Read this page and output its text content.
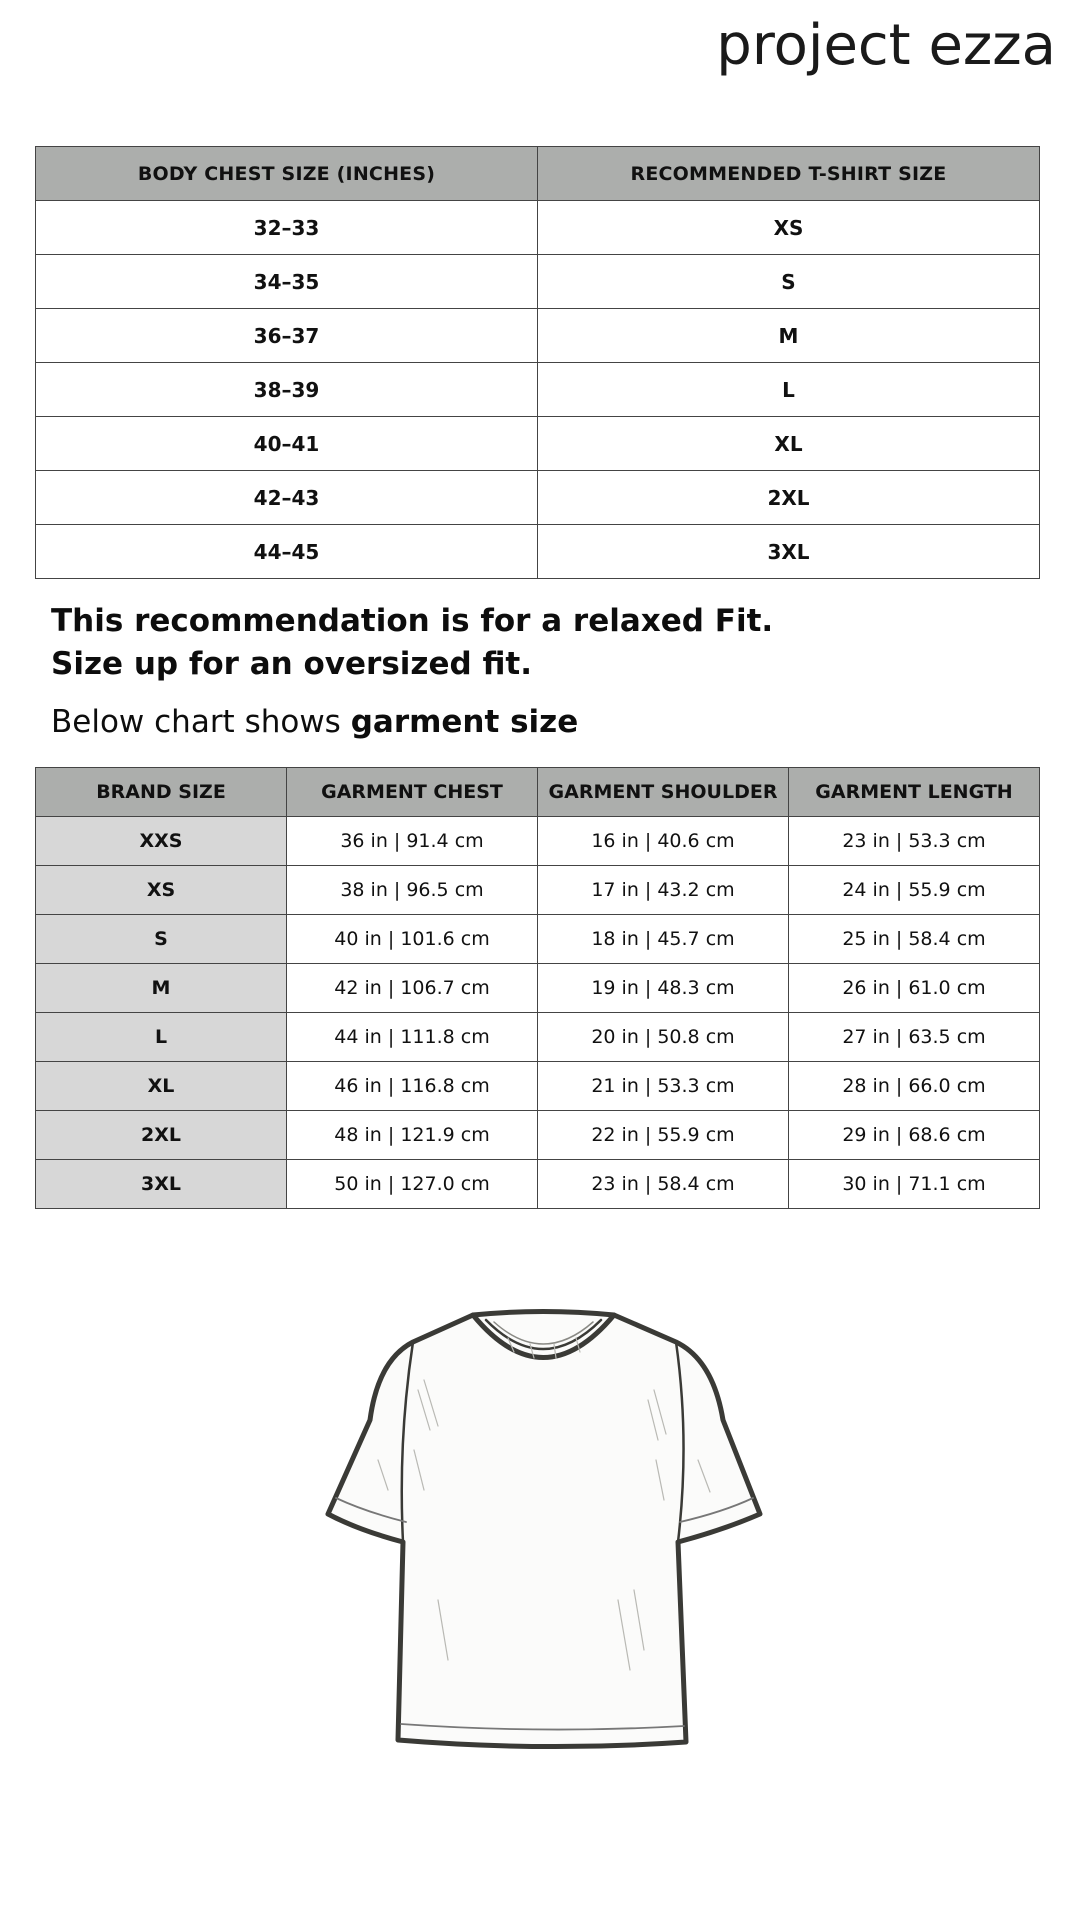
project ezza
BODY CHEST SIZE (INCHES)	RECOMMENDED T-SHIRT SIZE
32–33	XS
34–35	S
36–37	M
38–39	L
40–41	XL
42–43	2XL
44–45	3XL
This recommendation is for a relaxed Fit.
Size up for an oversized fit.
Below chart shows garment size
BRAND SIZE	GARMENT CHEST	GARMENT SHOULDER	GARMENT LENGTH
XXS	36 in | 91.4 cm	16 in | 40.6 cm	23 in | 53.3 cm
XS	38 in | 96.5 cm	17 in | 43.2 cm	24 in | 55.9 cm
S	40 in | 101.6 cm	18 in | 45.7 cm	25 in | 58.4 cm
M	42 in | 106.7 cm	19 in | 48.3 cm	26 in | 61.0 cm
L	44 in | 111.8 cm	20 in | 50.8 cm	27 in | 63.5 cm
XL	46 in | 116.8 cm	21 in | 53.3 cm	28 in | 66.0 cm
2XL	48 in | 121.9 cm	22 in | 55.9 cm	29 in | 68.6 cm
3XL	50 in | 127.0 cm	23 in | 58.4 cm	30 in | 71.1 cm
